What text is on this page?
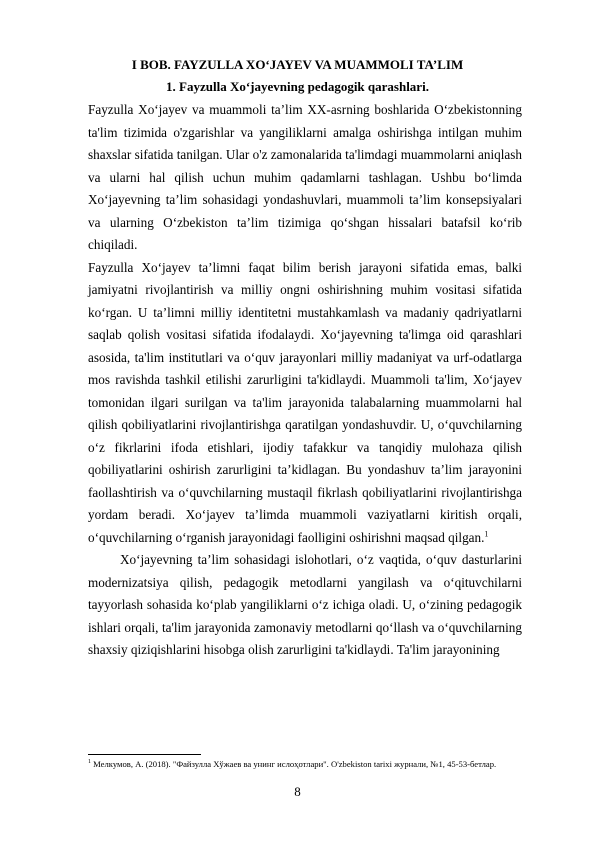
I BOB. FAYZULLA XO‘JAYEV VA MUAMMOLI TA’LIM
1. Fayzulla Xo‘jayevning pedagogik qarashlari.

Fayzulla Xo‘jayev va muammoli ta’lim XX-asrning boshlarida O‘zbekistonning ta'lim tizimida o'zgarishlar va yangiliklarni amalga oshirishga intilgan muhim shaxslar sifatida tanilgan. Ular o'z zamonalarida ta'limdagi muammolarni aniqlash va ularni hal qilish uchun muhim qadamlarni tashlagan. Ushbu bo‘limda Xo‘jayevning ta’lim sohasidagi yondashuvlari, muammoli ta’lim konsepsiyalari va ularning O‘zbekiston ta’lim tizimiga qo‘shgan hissalari batafsil ko‘rib chiqiladi.

Fayzulla Xo‘jayev ta’limni faqat bilim berish jarayoni sifatida emas, balki jamiyatni rivojlantirish va milliy ongni oshirishning muhim vositasi sifatida ko‘rgan. U ta’limni milliy identitetni mustahkamlash va madaniy qadriyatlarni saqlab qolish vositasi sifatida ifodalaydi. Xo‘jayevning ta'limga oid qarashlari asosida, ta'lim institutlari va o‘quv jarayonlari milliy madaniyat va urf-odatlarga mos ravishda tashkil etilishi zarurligini ta'kidlaydi. Muammoli ta'lim, Xo‘jayev tomonidan ilgari surilgan va ta'lim jarayonida talabalarning muammolarni hal qilish qobiliyatlarini rivojlantirishga qaratilgan yondashuvdir. U, o‘quvchilarning o‘z fikrlarini ifoda etishlari, ijodiy tafakkur va tanqidiy mulohaza qilish qobiliyatlarini oshirish zarurligini ta’kidlagan. Bu yondashuv ta’lim jarayonini faollashtirish va o‘quvchilarning mustaqil fikrlash qobiliyatlarini rivojlantirishga yordam beradi. Xo‘jayev ta’limda muammoli vaziyatlarni kiritish orqali, o‘quvchilarning o‘rganish jarayonidagi faolligini oshirishni maqsad qilgan.$^1$

Xo‘jayevning ta’lim sohasidagi islohotlari, o‘z vaqtida, o‘quv dasturlarini modernizatsiya qilish, pedagogik metodlarni yangilash va o‘qituvchilarni tayyorlash sohasida ko‘plab yangiliklarni o‘z ichiga oladi. U, o‘zining pedagogik ishlari orqali, ta'lim jarayonida zamonaviy metodlarni qo‘llash va o‘quvchilarning shaxsiy qiziqishlarini hisobga olish zarurligini ta'kidlaydi. Ta'lim jarayonining

$^1$ Мелкумов, А. (2018). "Файзулла Хўжаев ва унинг ислоҳотлари". O'zbekiston tarixi журнали, №1, 45-53-бетлар.
8
